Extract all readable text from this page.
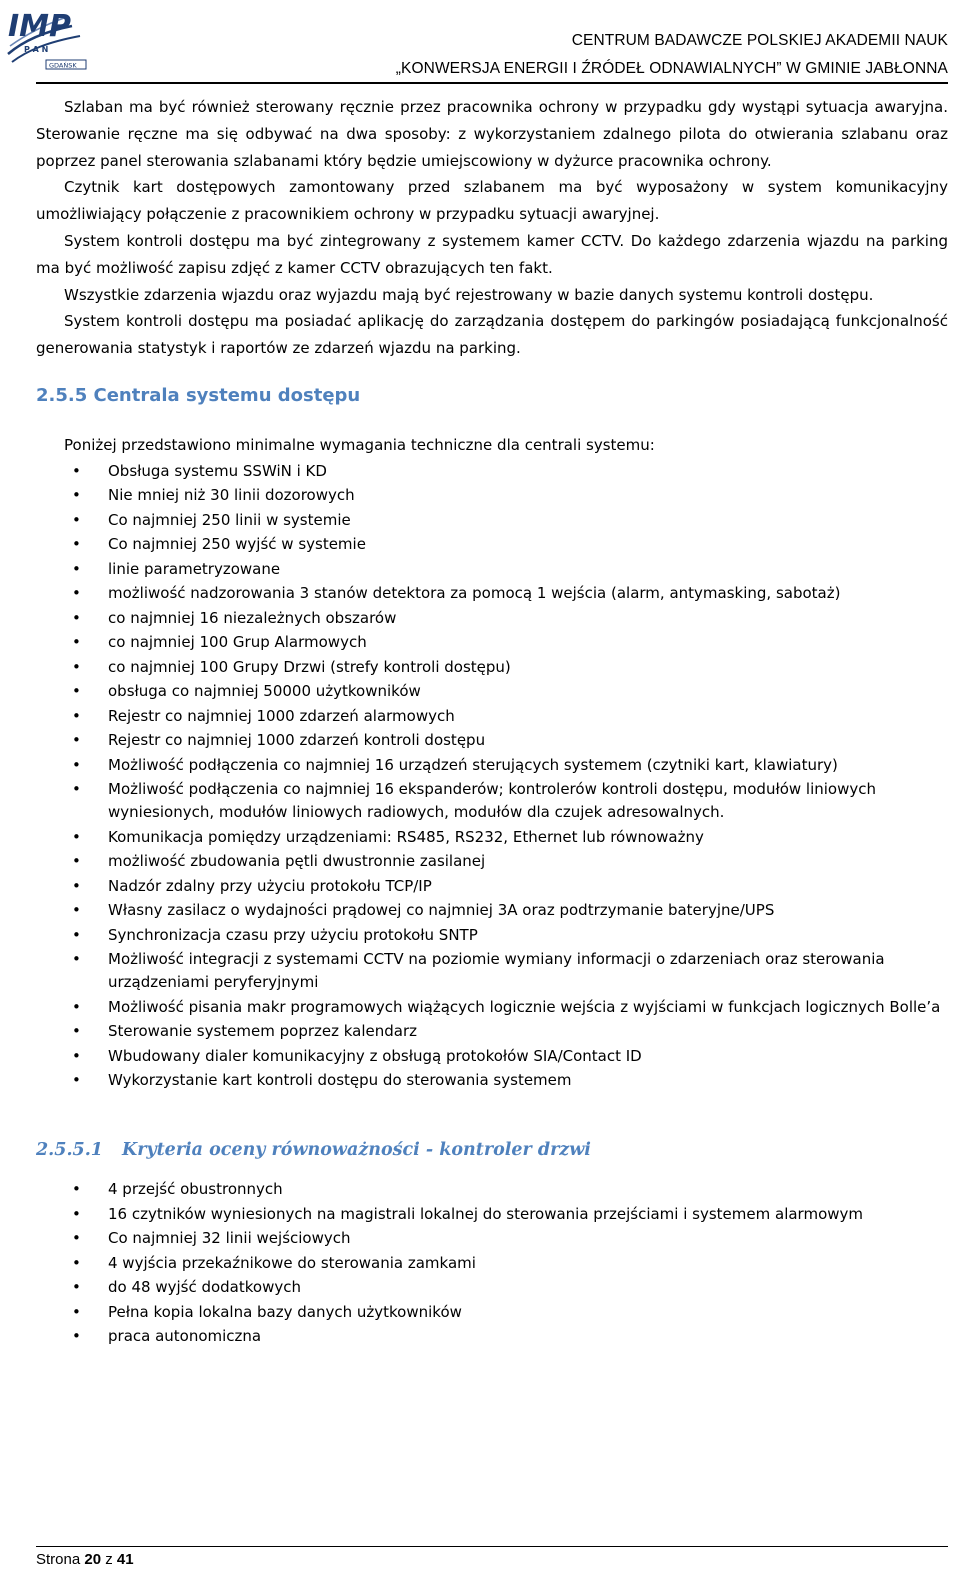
IMP
P A N
GDAŃSK
CENTRUM BADAWCZE POLSKIEJ AKADEMII NAUK
„KONWERSJA ENERGII I ŹRÓDEŁ ODNAWIALNYCH” W GMINIE JABŁONNA

Szlaban ma być również sterowany ręcznie przez pracownika ochrony w przypadku gdy wystąpi sytuacja awaryjna. Sterowanie ręczne ma się odbywać na dwa sposoby: z wykorzystaniem zdalnego pilota do otwierania szlabanu oraz poprzez panel sterowania szlabanami który będzie umiejscowiony w dyżurce pracownika ochrony.

Czytnik kart dostępowych zamontowany przed szlabanem ma być wyposażony w system komunikacyjny umożliwiający połączenie z pracownikiem ochrony w przypadku sytuacji awaryjnej.

System kontroli dostępu ma być zintegrowany z systemem kamer CCTV. Do każdego zdarzenia wjazdu na parking ma być możliwość zapisu zdjęć z kamer CCTV obrazujących ten fakt.

Wszystkie zdarzenia wjazdu oraz wyjazdu mają być rejestrowany w bazie danych systemu kontroli dostępu.

System kontroli dostępu ma posiadać aplikację do zarządzania dostępem do parkingów posiadającą funkcjonalność generowania statystyk i raportów ze zdarzeń wjazdu na parking.

2.5.5 Centrala systemu dostępu
Poniżej przedstawiono minimalne wymagania techniczne dla centrali systemu:
• Obsługa systemu SSWiN i KD
• Nie mniej niż 30 linii dozorowych
• Co najmniej 250 linii w systemie
• Co najmniej 250 wyjść w systemie
• linie parametryzowane
• możliwość nadzorowania 3 stanów detektora za pomocą 1 wejścia (alarm, antymasking, sabotaż)
• co najmniej 16 niezależnych obszarów
• co najmniej 100 Grup Alarmowych
• co najmniej 100 Grupy Drzwi (strefy kontroli dostępu)
• obsługa co najmniej 50000 użytkowników
• Rejestr co najmniej 1000 zdarzeń alarmowych
• Rejestr co najmniej 1000 zdarzeń kontroli dostępu
• Możliwość podłączenia co najmniej 16 urządzeń sterujących systemem (czytniki kart, klawiatury)
• Możliwość podłączenia co najmniej 16 ekspanderów; kontrolerów kontroli dostępu, modułów liniowych wyniesionych, modułów liniowych radiowych, modułów dla czujek adresowalnych.
• Komunikacja pomiędzy urządzeniami: RS485, RS232, Ethernet lub równoważny
• możliwość zbudowania pętli dwustronnie zasilanej
• Nadzór zdalny przy użyciu protokołu TCP/IP
• Własny zasilacz o wydajności prądowej co najmniej 3A oraz podtrzymanie bateryjne/UPS
• Synchronizacja czasu przy użyciu protokołu SNTP
• Możliwość integracji z systemami CCTV na poziomie wymiany informacji o zdarzeniach oraz sterowania urządzeniami peryferyjnymi
• Możliwość pisania makr programowych wiążących logicznie wejścia z wyjściami w funkcjach logicznych Bolle’a
• Sterowanie systemem poprzez kalendarz
• Wbudowany dialer komunikacyjny z obsługą protokołów SIA/Contact ID
• Wykorzystanie kart kontroli dostępu do sterowania systemem
2.5.5.1 Kryteria oceny równoważności - kontroler drzwi
• 4 przejść obustronnych
• 16 czytników wyniesionych na magistrali lokalnej do sterowania przejściami i systemem alarmowym
• Co najmniej 32 linii wejściowych
• 4 wyjścia przekaźnikowe do sterowania zamkami
• do 48 wyjść dodatkowych
• Pełna kopia lokalna bazy danych użytkowników
• praca autonomiczna
Strona 20 z 41
